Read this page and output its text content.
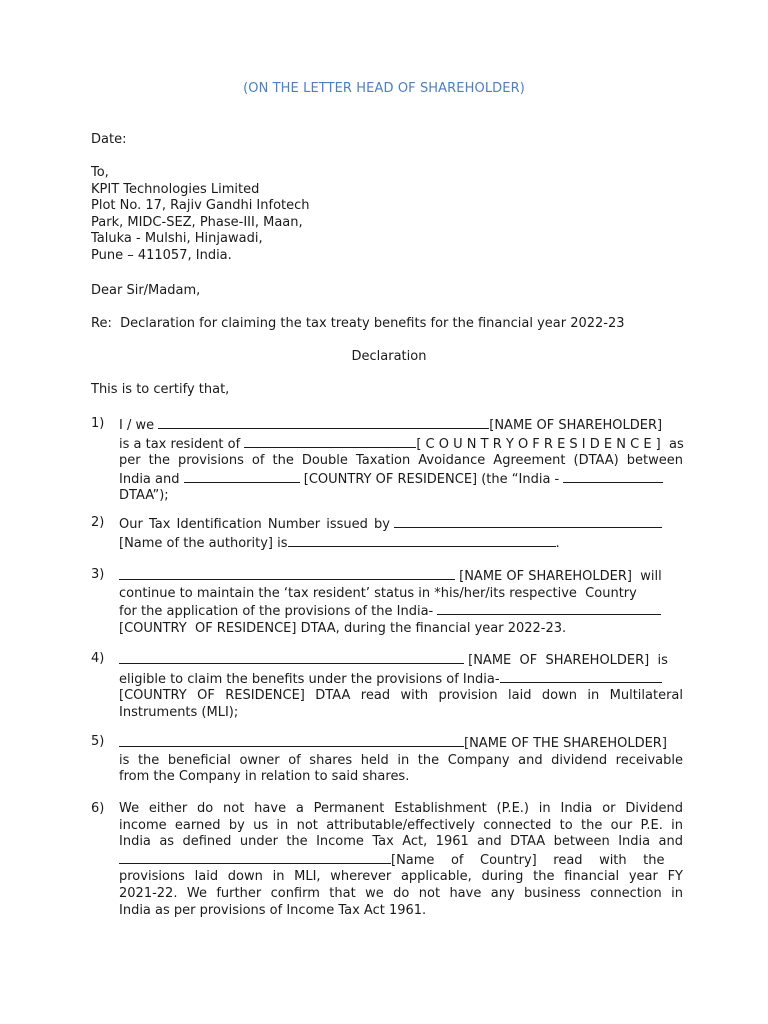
(ON THE LETTER HEAD OF SHAREHOLDER)
Date:
To,
KPIT Technologies Limited
Plot No. 17, Rajiv Gandhi Infotech
Park, MIDC-SEZ, Phase-III, Maan,
Taluka - Mulshi, Hinjawadi,
Pune – 411057, India.
Dear Sir/Madam,
Re:  Declaration for claiming the tax treaty benefits for the financial year 2022-23
Declaration
This is to certify that,
1)	I / we	[NAME OF SHAREHOLDER]
is a tax resident of	[ C O U N T R Y O F R E S I D E N C E ]  as
per the provisions of the Double Taxation Avoidance Agreement (DTAA) between
India and	[COUNTRY OF RESIDENCE] (the “India -
DTAA”);
2)	Our Tax Identification Number issued by
[Name of the authority] is	.
3)	[NAME OF SHAREHOLDER]  will
continue to maintain the ‘tax resident’ status in *his/her/its respective  Country
for the application of the provisions of the India-
[COUNTRY  OF RESIDENCE] DTAA, during the financial year 2022-23.
4)	[NAME  OF  SHAREHOLDER]  is
eligible to claim the benefits under the provisions of India-
[COUNTRY OF RESIDENCE] DTAA read with provision laid down in Multilateral
Instruments (MLI);
5)	[NAME OF THE SHAREHOLDER]
is the beneficial owner of shares held in the Company and dividend receivable
from the Company in relation to said shares.
6)	We either do not have a Permanent Establishment (P.E.) in India or Dividend
income earned by us in not attributable/effectively connected to the our P.E. in
India as defined under the Income Tax Act, 1961 and DTAA between India and
[Name    of    Country]    read    with    the
provisions laid down in MLI, wherever applicable, during the financial year FY
2021-22. We further confirm that we do not have any business connection in
India as per provisions of Income Tax Act 1961.
